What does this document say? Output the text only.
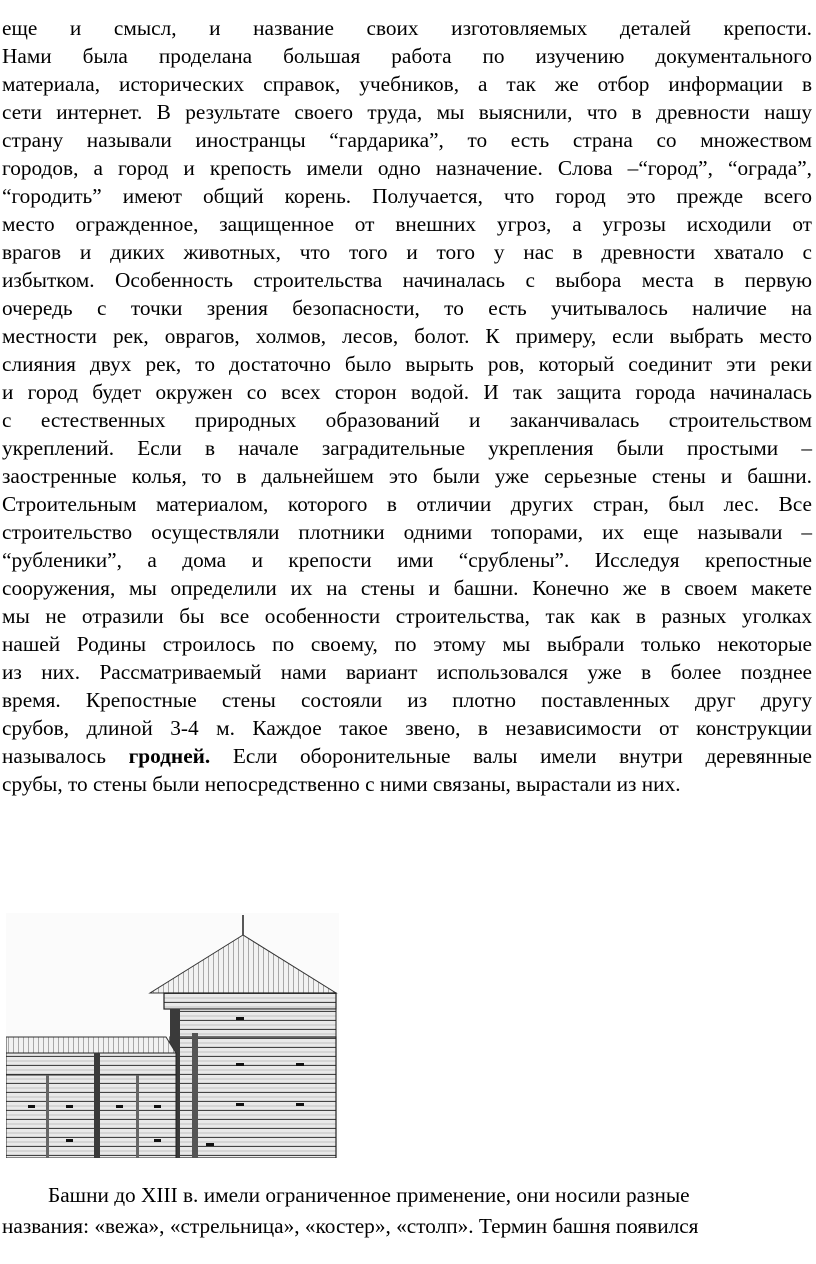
еще и смысл, и название своих изготовляемых деталей крепости.
Нами была проделана большая работа по изучению документального
материала, исторических справок, учебников, а так же отбор информации в
сети интернет. В результате своего труда, мы выяснили, что в древности нашу
страну называли иностранцы “гардарика”, то есть страна со множеством
городов, а город и крепость имели одно назначение. Слова –“город”, “ограда”,
“городить” имеют общий корень. Получается, что город это прежде всего
место огражденное, защищенное от внешних угроз, а угрозы исходили от
врагов и диких животных, что того и того у нас в древности хватало с
избытком. Особенность строительства начиналась с выбора места в первую
очередь с точки зрения безопасности, то есть учитывалось наличие на
местности рек, оврагов, холмов, лесов, болот. К примеру, если выбрать место
слияния двух рек, то достаточно было вырыть ров, который соединит эти реки
и город будет окружен со всех сторон водой. И так защита города начиналась
с естественных природных образований и заканчивалась строительством
укреплений. Если в начале заградительные укрепления были простыми –
заостренные колья, то в дальнейшем это были уже серьезные стены и башни.
Строительным материалом, которого в отличии других стран, был лес. Все
строительство осуществляли плотники одними топорами, их еще называли –
“рубленики”, а дома и крепости ими “срублены”. Исследуя крепостные
сооружения, мы определили их на стены и башни. Конечно же в своем макете
мы не отразили бы все особенности строительства, так как в разных уголках
нашей Родины строилось по своему, по этому мы выбрали только некоторые
из них. Рассматриваемый нами вариант использовался уже в более позднее
время. Крепостные стены состояли из плотно поставленных друг другу
срубов, длиной 3-4 м. Каждое такое звено, в независимости от конструкции
называлось гродней. Если оборонительные валы имели внутри деревянные
срубы, то стены были непосредственно с ними связаны, вырастали из них.
Башни до XIII в. имели ограниченное применение, они носили разные
названия: «вежа», «стрельница», «костер», «столп». Термин башня появился
